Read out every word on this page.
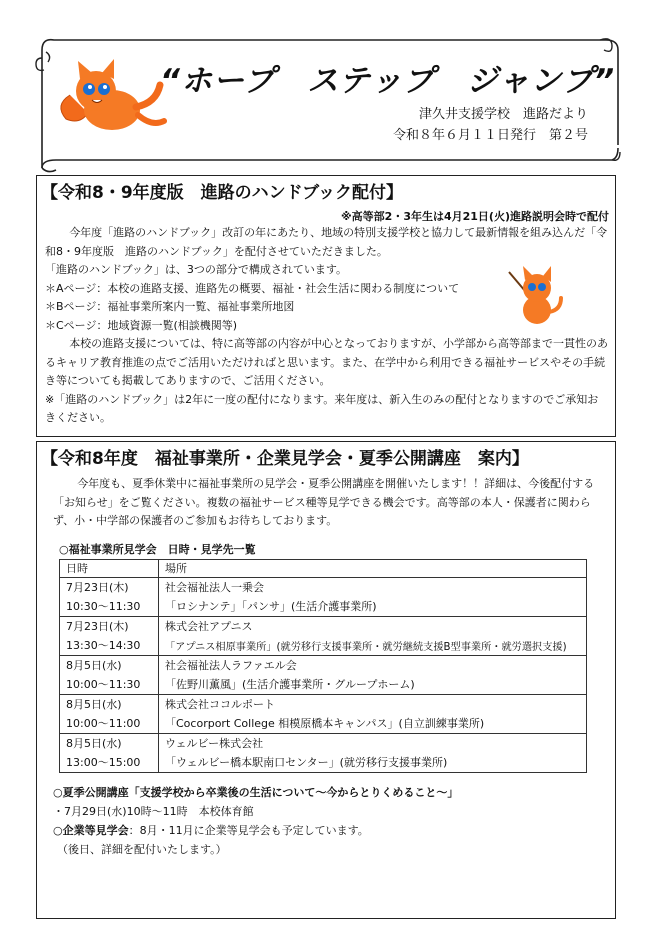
“ホープ　ステップ　ジャンプ”
津久井支援学校　進路だより
令和８年６月１１日発行　第２号
【令和8・9年度版　進路のハンドブック配付】
※高等部2・3年生は4月21日(火)進路説明会時で配付
今年度「進路のハンドブック」改訂の年にあたり、地域の特別支援学校と協力して最新情報を組み込んだ「令和8・9年度版　進路のハンドブック」を配付させていただきました。
「進路のハンドブック」は、3つの部分で構成されています。
＊Aページ：本校の進路支援、進路先の概要、福祉・社会生活に関わる制度について
＊Bページ：福祉事業所案内一覧、福祉事業所地図
＊Cページ：地域資源一覧(相談機関等)
本校の進路支援については、特に高等部の内容が中心となっておりますが、小学部から高等部まで一貫性のあるキャリア教育推進の点でご活用いただければと思います。また、在学中から利用できる福祉サービスやその手続き等についても掲載してありますので、ご活用ください。
※「進路のハンドブック」は2年に一度の配付になります。来年度は、新入生のみの配付となりますのでご承知おきください。
【令和8年度　福祉事業所・企業見学会・夏季公開講座　案内】
今年度も、夏季休業中に福祉事業所の見学会・夏季公開講座を開催いたします！！詳細は、今後配付する「お知らせ」をご覧ください。複数の福祉サービス種等見学できる機会です。高等部の本人・保護者に関わらず、小・中学部の保護者のご参加もお待ちしております。
○福祉事業所見学会　日時・見学先一覧
日時	場所
7月23日(木)	社会福祉法人一乗会
10:30～11:30	「ロシナンテ」「パンサ」(生活介護事業所)
7月23日(木)	株式会社アプニス
13:30～14:30	「アプニス相原事業所」(就労移行支援事業所・就労継続支援B型事業所・就労選択支援)
8月5日(水)	社会福祉法人ラファエル会
10:00～11:30	「佐野川薫風」(生活介護事業所・グループホーム)
8月5日(水)	株式会社ココルポート
10:00～11:00	「Cocorport College 相模原橋本キャンパス」(自立訓練事業所)
8月5日(水)	ウェルビー株式会社
13:00～15:00	「ウェルビー橋本駅南口センター」(就労移行支援事業所)
○夏季公開講座「支援学校から卒業後の生活について～今からとりくめること～」
・7月29日(水)10時～11時　本校体育館
○企業等見学会：8月・11月に企業等見学会も予定しています。
（後日、詳細を配付いたします。）
